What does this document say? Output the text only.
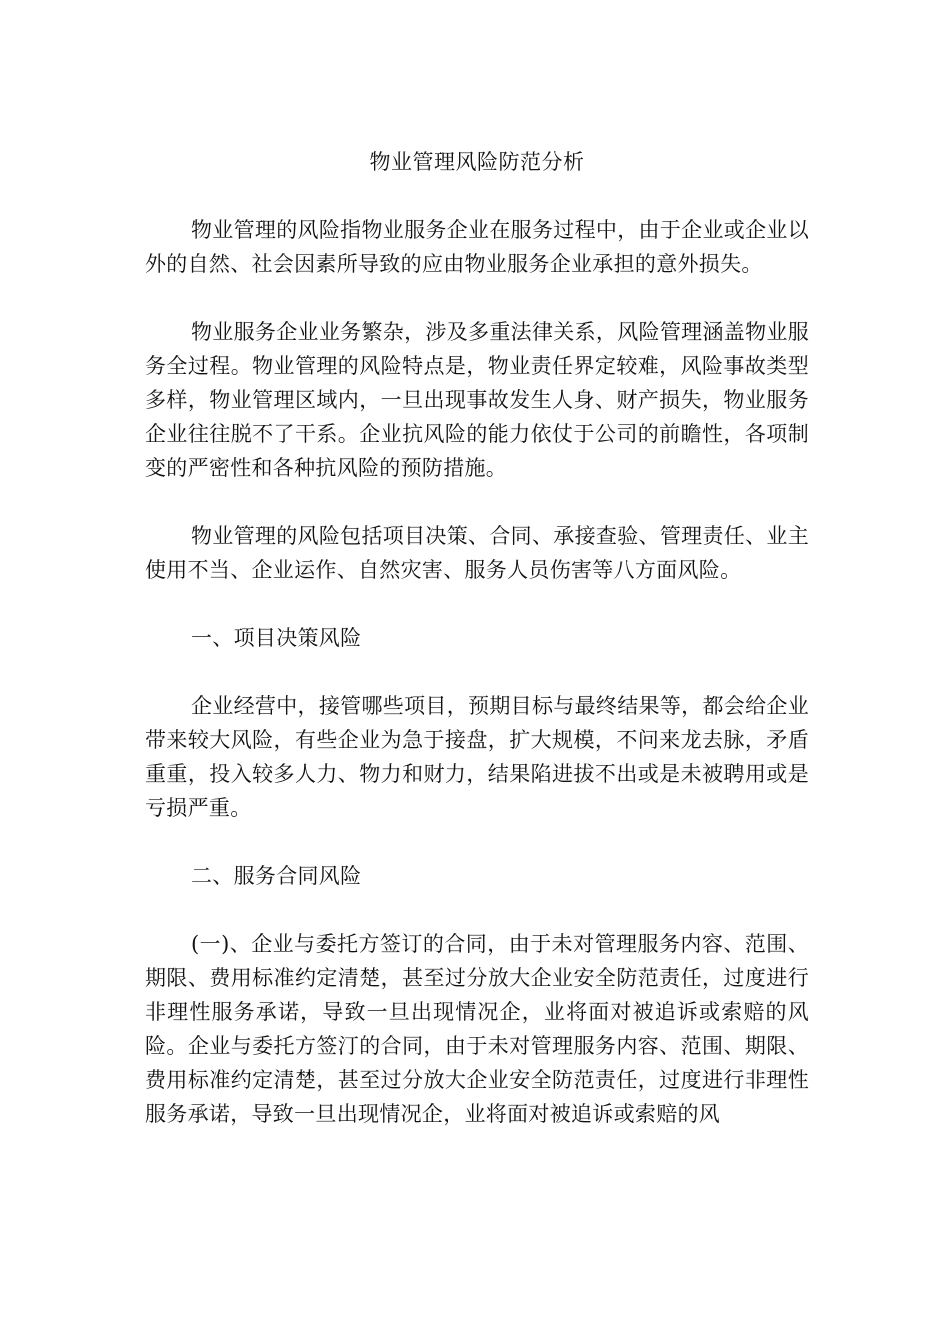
物业管理风险防范分析

物业管理的风险指物业服务企业在服务过程中，由于企业或企业以外的自然、社会因素所导致的应由物业服务企业承担的意外损失。

物业服务企业业务繁杂，涉及多重法律关系，风险管理涵盖物业服务全过程。物业管理的风险特点是，物业责任界定较难，风险事故类型多样，物业管理区域内，一旦出现事故发生人身、财产损失，物业服务企业往往脱不了干系。企业抗风险的能力依仗于公司的前瞻性，各项制变的严密性和各种抗风险的预防措施。

物业管理的风险包括项目决策、合同、承接查验、管理责任、业主使用不当、企业运作、自然灾害、服务人员伤害等八方面风险。

一、项目决策风险

企业经营中，接管哪些项目，预期目标与最终结果等，都会给企业带来较大风险，有些企业为急于接盘，扩大规模，不问来龙去脉，矛盾重重，投入较多人力、物力和财力，结果陷进拔不出或是未被聘用或是亏损严重。

二、服务合同风险

(一)、企业与委托方签订的合同，由于未对管理服务内容、范围、期限、费用标准约定清楚，甚至过分放大企业安全防范责任，过度进行非理性服务承诺，导致一旦出现情况企，业将面对被追诉或索赔的风险。企业与委托方签汀的合同，由于未对管理服务内容、范围、期限、费用标准约定清楚，甚至过分放大企业安全防范责任，过度进行非理性服务承诺，导致一旦出现情况企，业将面对被追诉或索赔的风
